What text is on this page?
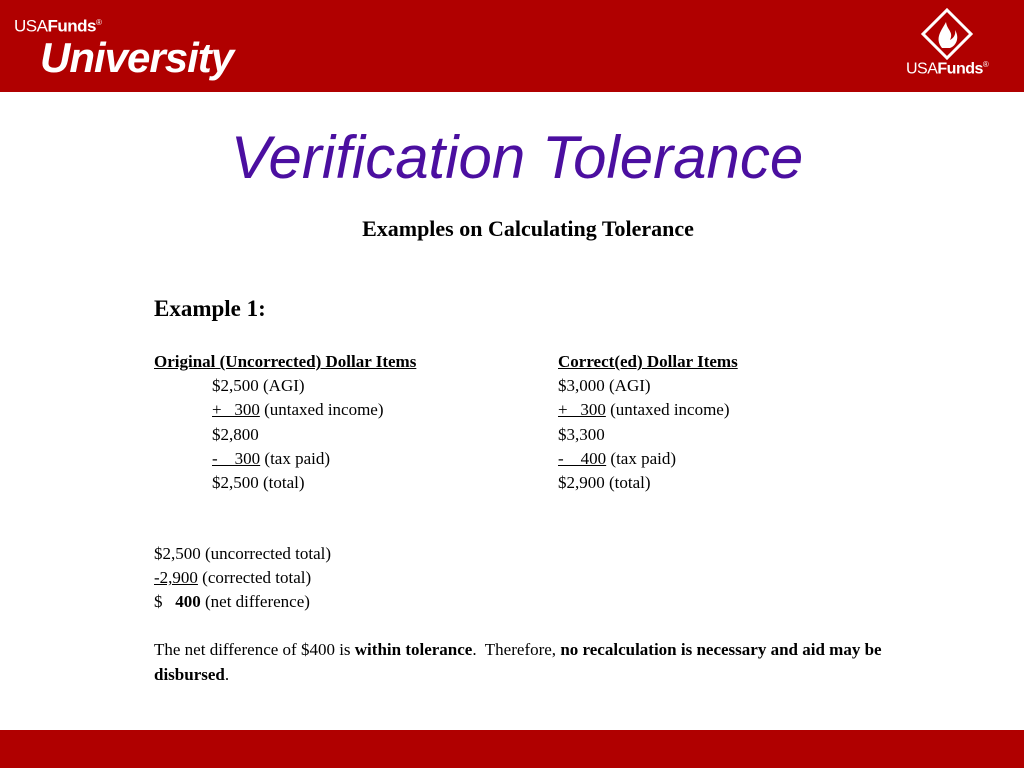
USAFunds®
University	USAFunds®
Verification Tolerance
Examples on Calculating Tolerance
Example 1:
Original (Uncorrected) Dollar Items
$2,500 (AGI)
+   300 (untaxed income)
$2,800
-    300 (tax paid)
$2,500 (total)
Correct(ed) Dollar Items
$3,000 (AGI)
+   300 (untaxed income)
$3,300
-    400 (tax paid)
$2,900 (total)
$2,500 (uncorrected total)
-2,900 (corrected total)
$   400 (net difference)
The net difference of $400 is within tolerance.  Therefore, no recalculation is necessary and aid may be disbursed.
